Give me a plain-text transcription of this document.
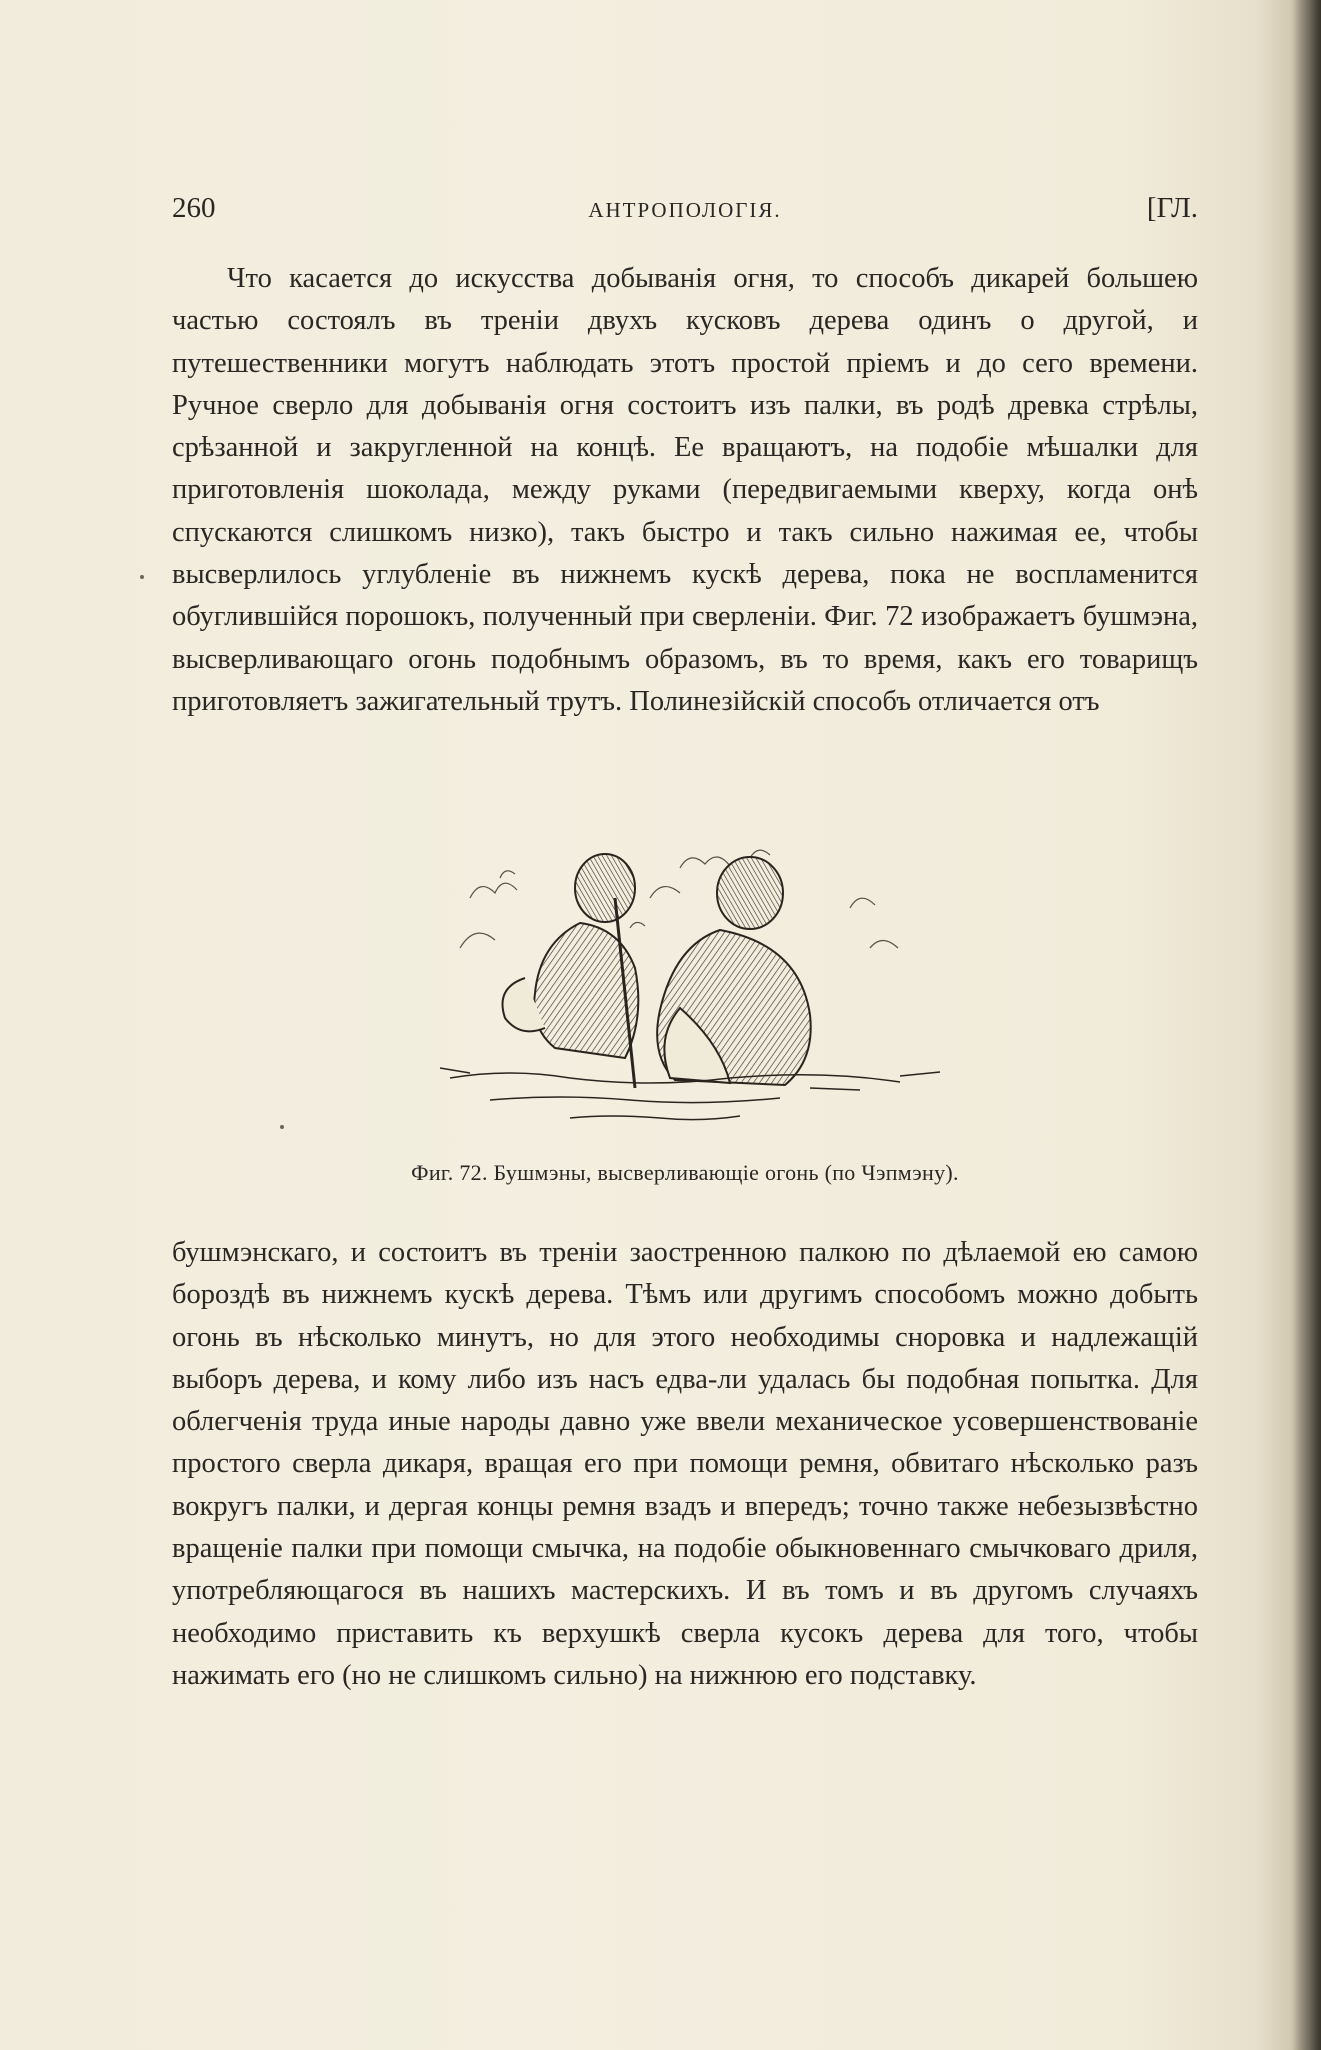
260	АНТРОПОЛОГІЯ.	[ГЛ.

Что касается до искусства добыванія огня, то способъ дикарей большею частью состоялъ въ треніи двухъ кусковъ дерева одинъ о другой, и путешественники могутъ наблюдать этотъ простой пріемъ и до сего времени. Ручное сверло для добыванія огня состоитъ изъ палки, въ родѣ древка стрѣлы, срѣзанной и закругленной на концѣ. Ее вращаютъ, на подобіе мѣшалки для приготовленія шоколада, между руками (передвигаемыми кверху, когда онѣ спускаются слишкомъ низко), такъ быстро и такъ сильно нажимая ее, чтобы высверлилось углубленіе въ нижнемъ кускѣ дерева, пока не воспламенится обуглившійся порошокъ, полученный при сверленіи. Фиг. 72 изображаетъ бушмэна, высверливающаго огонь подобнымъ образомъ, въ то время, какъ его товарищъ приготовляетъ зажигательный трутъ. Полинезійскій способъ отличается отъ

Фиг. 72. Бушмэны, высверливающіе огонь (по Чэпмэну).

бушмэнскаго, и состоитъ въ треніи заостренною палкою по дѣлаемой ею самою бороздѣ въ нижнемъ кускѣ дерева. Тѣмъ или другимъ способомъ можно добыть огонь въ нѣсколько минутъ, но для этого необходимы сноровка и надлежащій выборъ дерева, и кому либо изъ насъ едва-ли удалась бы подобная попытка. Для облегченія труда иные народы давно уже ввели механическое усовершенствованіе простого сверла дикаря, вращая его при помощи ремня, обвитаго нѣсколько разъ вокругъ палки, и дергая концы ремня взадъ и впередъ; точно также небезызвѣстно вращеніе палки при помощи смычка, на подобіе обыкновеннаго смычковаго дриля, употребляющагося въ нашихъ мастерскихъ. И въ томъ и въ другомъ случаяхъ необходимо приставить къ верхушкѣ сверла кусокъ дерева для того, чтобы нажимать его (но не слишкомъ сильно) на нижнюю его подставку.
